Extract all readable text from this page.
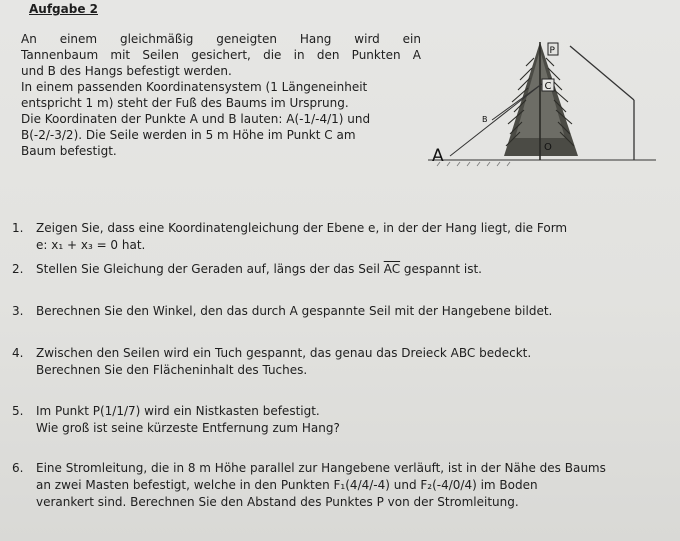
Aufgabe 2
An einem gleichmäßig geneigten Hang wird ein
Tannenbaum mit Seilen gesichert, die in den Punkten A
und B des Hangs befestigt werden.
In einem passenden Koordinatensystem (1 Längeneinheit
entspricht 1 m) steht der Fuß des Baums im Ursprung.
Die Koordinaten der Punkte A und B lauten: A(-1/-4/1) und
B(-2/-3/2). Die Seile werden in 5 m Höhe im Punkt C am
Baum befestigt.
C
P
O
B
A
1.	Zeigen Sie, dass eine Koordinatengleichung der Ebene e, in der der Hang liegt, die Form
e: x₁ + x₃ = 0 hat.
2.	Stellen Sie Gleichung der Geraden auf, längs der das Seil $\overline{AC}$ gespannt ist.
3.	Berechnen Sie den Winkel, den das durch A gespannte Seil mit der Hangebene bildet.
4.	Zwischen den Seilen wird ein Tuch gespannt, das genau das Dreieck ABC bedeckt.
Berechnen Sie den Flächeninhalt des Tuches.
5.	Im Punkt P(1/1/7) wird ein Nistkasten befestigt.
Wie groß ist seine kürzeste Entfernung zum Hang?
6.	Eine Stromleitung, die in 8 m Höhe parallel zur Hangebene verläuft, ist in der Nähe des Baums
an zwei Masten befestigt, welche in den Punkten F₁(4/4/-4) und F₂(-4/0/4) im Boden
verankert sind. Berechnen Sie den Abstand des Punktes P von der Stromleitung.
